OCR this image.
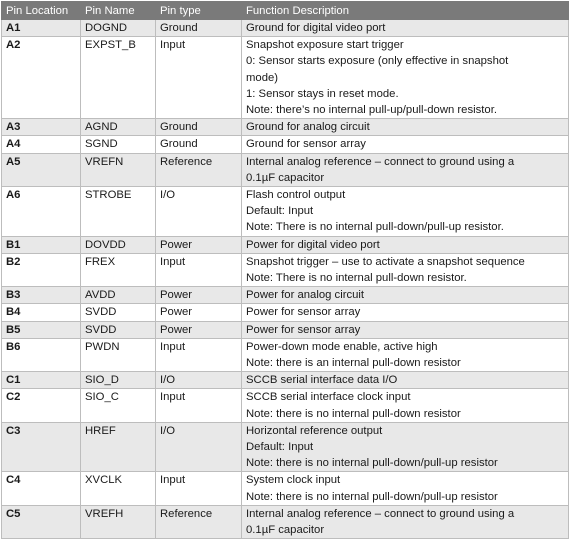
Pin Location	Pin Name	Pin type	Function Description
A1	DOGND	Ground	Ground for digital video port

A2	EXPST_B	Input	Snapshot exposure start trigger
0: Sensor starts exposure (only effective in snapshot
mode)
1: Sensor stays in reset mode.
Note: there’s no internal pull-up/pull-down resistor.

A3	AGND	Ground	Ground for analog circuit

A4	SGND	Ground	Ground for sensor array

A5	VREFN	Reference	Internal analog reference – connect to ground using a
0.1µF capacitor

A6	STROBE	I/O	Flash control output
Default: Input
Note: There is no internal pull-down/pull-up resistor.

B1	DOVDD	Power	Power for digital video port

B2	FREX	Input	Snapshot trigger – use to activate a snapshot sequence
Note: There is no internal pull-down resistor.

B3	AVDD	Power	Power for analog circuit

B4	SVDD	Power	Power for sensor array

B5	SVDD	Power	Power for sensor array

B6	PWDN	Input	Power-down mode enable, active high
Note: there is an internal pull-down resistor

C1	SIO_D	I/O	SCCB serial interface data I/O

C2	SIO_C	Input	SCCB serial interface clock input
Note: there is no internal pull-down resistor

C3	HREF	I/O	Horizontal reference output
Default: Input
Note: there is no internal pull-down/pull-up resistor

C4	XVCLK	Input	System clock input
Note: there is no internal pull-down/pull-up resistor

C5	VREFH	Reference	Internal analog reference – connect to ground using a
0.1µF capacitor
